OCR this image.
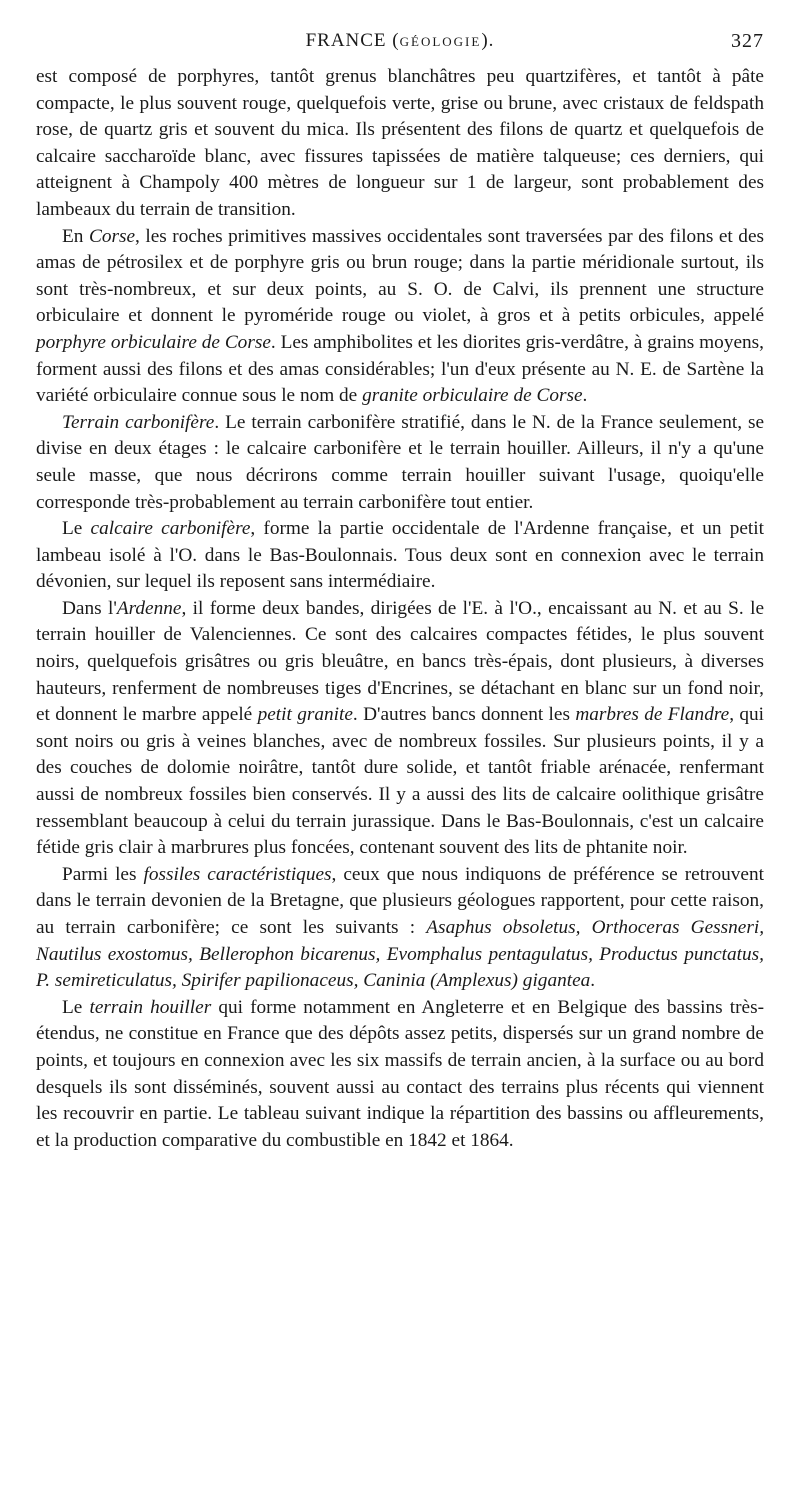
FRANCE (GÉOLOGIE).	327

est composé de porphyres, tantôt grenus blanchâtres peu quartzifères, et tantôt à pâte compacte, le plus souvent rouge, quelquefois verte, grise ou brune, avec cristaux de feldspath rose, de quartz gris et souvent du mica. Ils présentent des filons de quartz et quelquefois de calcaire saccharoïde blanc, avec fissures tapissées de matière talqueuse; ces derniers, qui atteignent à Champoly 400 mètres de longueur sur 1 de largeur, sont probablement des lambeaux du terrain de transition.

En Corse, les roches primitives massives occidentales sont traversées par des filons et des amas de pétrosilex et de porphyre gris ou brun rouge; dans la partie méridionale surtout, ils sont très-nombreux, et sur deux points, au S. O. de Calvi, ils prennent une structure orbiculaire et donnent le pyroméride rouge ou violet, à gros et à petits orbicules, appelé porphyre orbiculaire de Corse. Les amphibolites et les diorites gris-verdâtre, à grains moyens, forment aussi des filons et des amas considérables; l'un d'eux présente au N. E. de Sartène la variété orbiculaire connue sous le nom de granite orbiculaire de Corse.

Terrain carbonifère. Le terrain carbonifère stratifié, dans le N. de la France seulement, se divise en deux étages : le calcaire carbonifère et le terrain houiller. Ailleurs, il n'y a qu'une seule masse, que nous décrirons comme terrain houiller suivant l'usage, quoiqu'elle corresponde très-probablement au terrain carbonifère tout entier.

Le calcaire carbonifère, forme la partie occidentale de l'Ardenne française, et un petit lambeau isolé à l'O. dans le Bas-Boulonnais. Tous deux sont en connexion avec le terrain dévonien, sur lequel ils reposent sans intermédiaire.

Dans l'Ardenne, il forme deux bandes, dirigées de l'E. à l'O., encaissant au N. et au S. le terrain houiller de Valenciennes. Ce sont des calcaires compactes fétides, le plus souvent noirs, quelquefois grisâtres ou gris bleuâtre, en bancs très-épais, dont plusieurs, à diverses hauteurs, renferment de nombreuses tiges d'Encrines, se détachant en blanc sur un fond noir, et donnent le marbre appelé petit granite. D'autres bancs donnent les marbres de Flandre, qui sont noirs ou gris à veines blanches, avec de nombreux fossiles. Sur plusieurs points, il y a des couches de dolomie noirâtre, tantôt dure solide, et tantôt friable arénacée, renfermant aussi de nombreux fossiles bien conservés. Il y a aussi des lits de calcaire oolithique grisâtre ressemblant beaucoup à celui du terrain jurassique. Dans le Bas-Boulonnais, c'est un calcaire fétide gris clair à marbrures plus foncées, contenant souvent des lits de phtanite noir.

Parmi les fossiles caractéristiques, ceux que nous indiquons de préférence se retrouvent dans le terrain devonien de la Bretagne, que plusieurs géologues rapportent, pour cette raison, au terrain carbonifère; ce sont les suivants : Asaphus obsoletus, Orthoceras Gessneri, Nautilus exostomus, Bellerophon bicarenus, Evomphalus pentagulatus, Productus punctatus, P. semireticulatus, Spirifer papilionaceus, Caninia (Amplexus) gigantea.

Le terrain houiller qui forme notamment en Angleterre et en Belgique des bassins très-étendus, ne constitue en France que des dépôts assez petits, dispersés sur un grand nombre de points, et toujours en connexion avec les six massifs de terrain ancien, à la surface ou au bord desquels ils sont disséminés, souvent aussi au contact des terrains plus récents qui viennent les recouvrir en partie. Le tableau suivant indique la répartition des bassins ou affleurements, et la production comparative du combustible en 1842 et 1864.
